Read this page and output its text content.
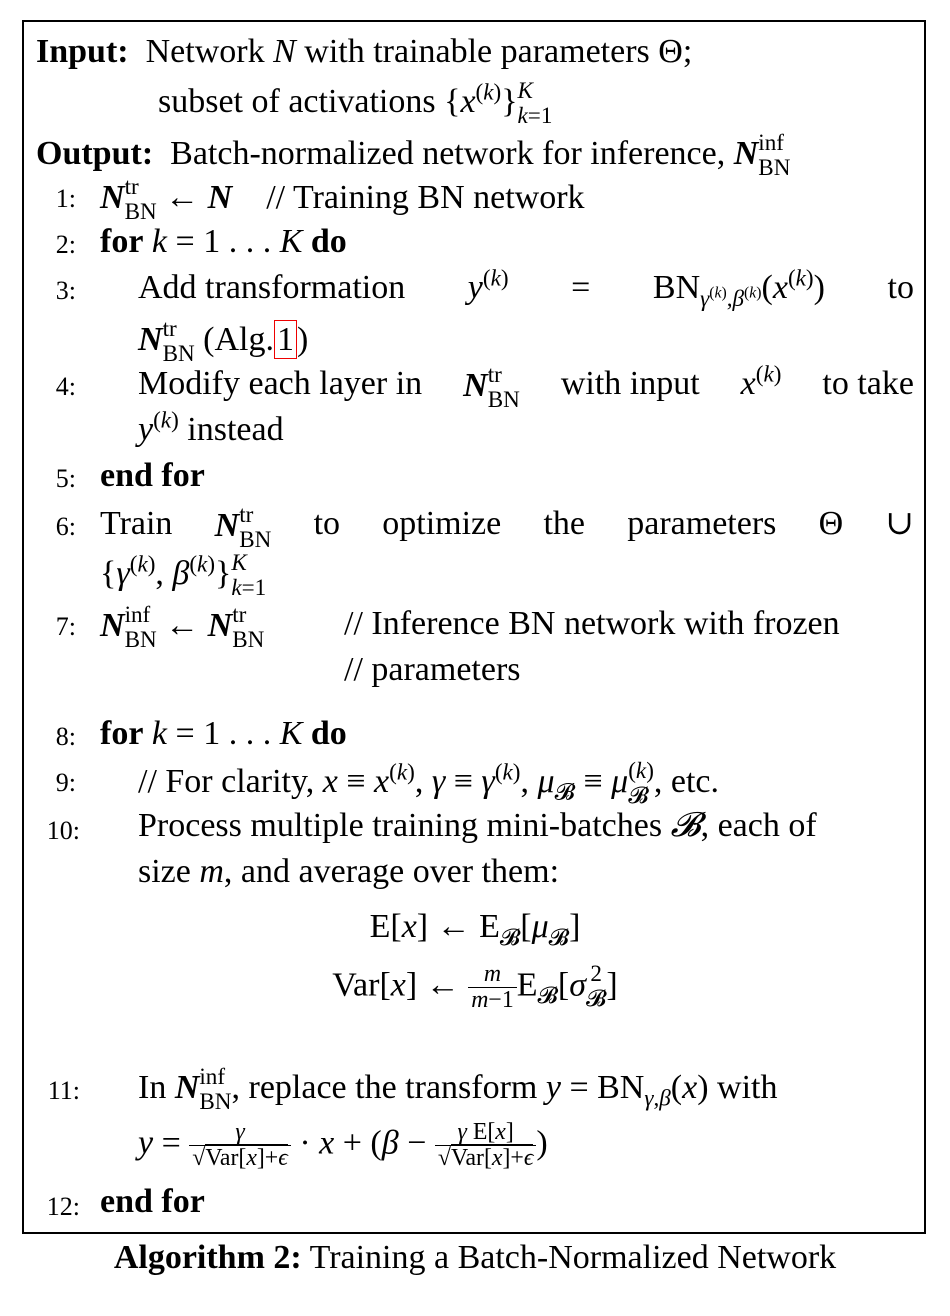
Input:  Network N with trainable parameters Θ;
subset of activations $\{x^{(k)}\}$ K
k=1
Output:  Batch-normalized network for inference, N inf
BN
1: N tr
BN ← N // Training BN network
2: for k = 1 . . . K do
3: Add transformation $y^{(k)} = BN_{\gamma^{(k)},\beta^{(k)}}(x^{(k)})$ to
N tr
BN (Alg.1)
4: Modify each layer in N tr
BN with input $x^{(k)}$ to take
$y^{(k)}$ instead
5: end for
6: Train N tr
BN to optimize the parameters Θ ∪
{$\gamma^{(k)}$, $\beta^{(k)}$} K
k=1
7: N inf
BN ← N tr
BN // Inference BN network with frozen
// parameters
8: for k = 1 . . . K do
9: // For clarity, $x \equiv x^{(k)}$, $\gamma \equiv \gamma^{(k)}$, $\mu_𝓑 \equiv \mu$ (k)
𝓑 , etc.
10: Process multiple training mini-batches 𝓑, each of
size m, and average over them:
E[x] ← $E_𝓑[\mu_𝓑]$
Var[x] ← $\frac{m}{m-1} E_𝓑[\sigma$ 2
𝓑 ]
11: In N inf
BN , replace the transform $y = BN_{\gamma,\beta}(x)$ with
$y = \frac{\gamma}{\text{√Var[x]+ϵ}} \cdot x + (\beta - \frac{\text{γ E[x]}}{\text{√Var[x]+ϵ}}$ )
12: end for
Algorithm 2: Training a Batch-Normalized Network
